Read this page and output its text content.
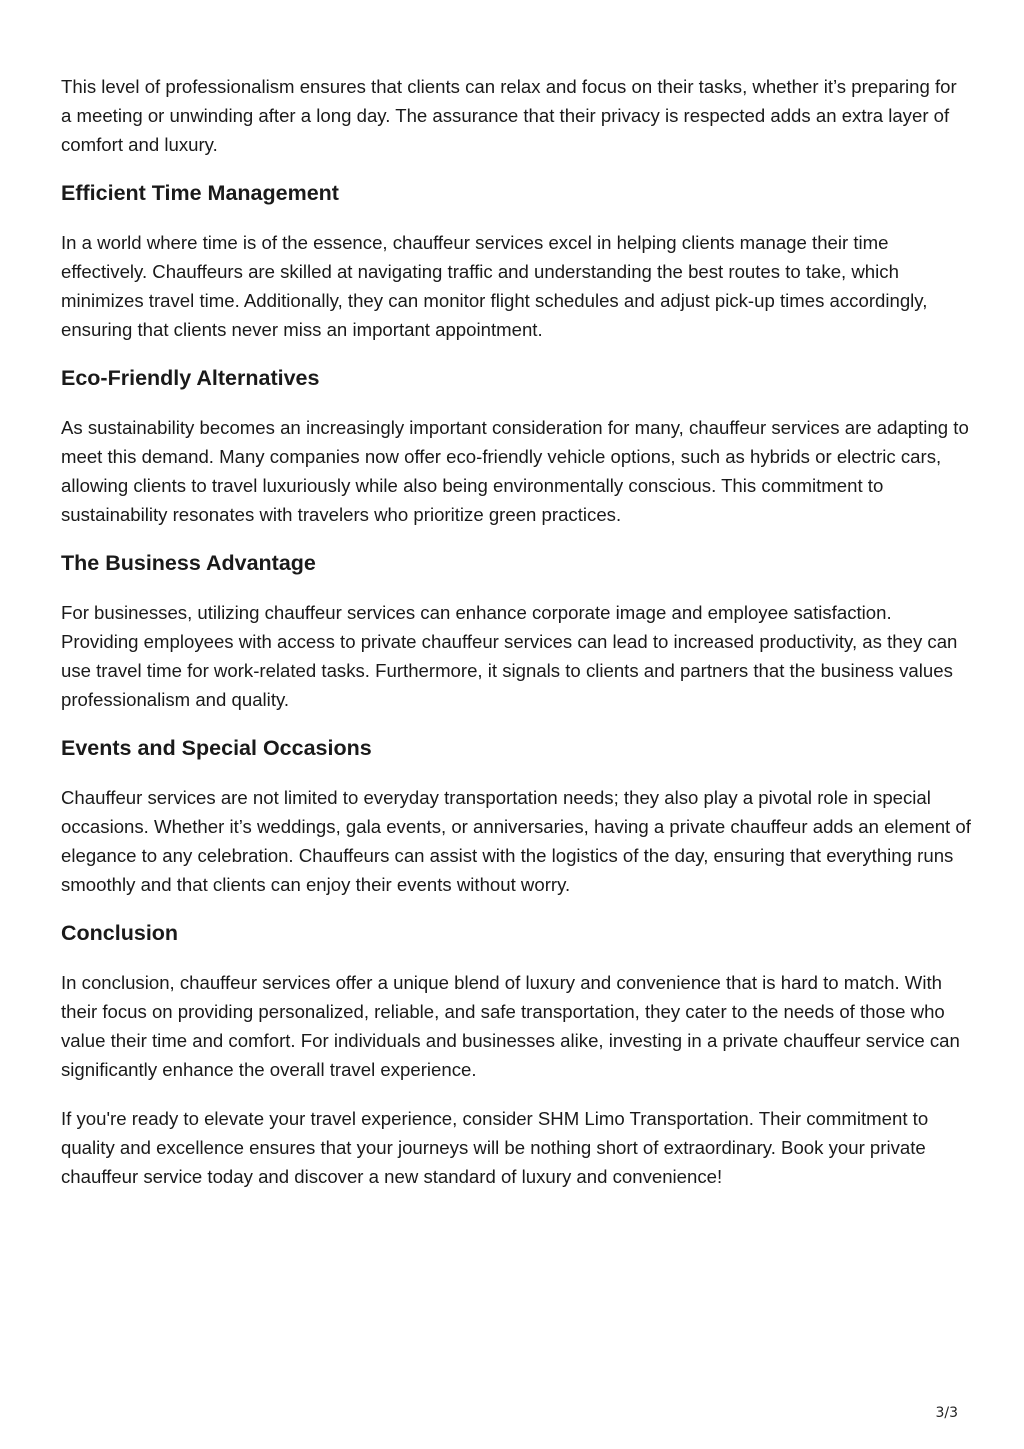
This level of professionalism ensures that clients can relax and focus on their tasks, whether it’s preparing for a meeting or unwinding after a long day. The assurance that their privacy is respected adds an extra layer of comfort and luxury.

Efficient Time Management

In a world where time is of the essence, chauffeur services excel in helping clients manage their time effectively. Chauffeurs are skilled at navigating traffic and understanding the best routes to take, which minimizes travel time. Additionally, they can monitor flight schedules and adjust pick-up times accordingly, ensuring that clients never miss an important appointment.

Eco-Friendly Alternatives

As sustainability becomes an increasingly important consideration for many, chauffeur services are adapting to meet this demand. Many companies now offer eco-friendly vehicle options, such as hybrids or electric cars, allowing clients to travel luxuriously while also being environmentally conscious. This commitment to sustainability resonates with travelers who prioritize green practices.

The Business Advantage

For businesses, utilizing chauffeur services can enhance corporate image and employee satisfaction. Providing employees with access to private chauffeur services can lead to increased productivity, as they can use travel time for work-related tasks. Furthermore, it signals to clients and partners that the business values professionalism and quality.

Events and Special Occasions

Chauffeur services are not limited to everyday transportation needs; they also play a pivotal role in special occasions. Whether it’s weddings, gala events, or anniversaries, having a private chauffeur adds an element of elegance to any celebration. Chauffeurs can assist with the logistics of the day, ensuring that everything runs smoothly and that clients can enjoy their events without worry.

Conclusion

In conclusion, chauffeur services offer a unique blend of luxury and convenience that is hard to match. With their focus on providing personalized, reliable, and safe transportation, they cater to the needs of those who value their time and comfort. For individuals and businesses alike, investing in a private chauffeur service can significantly enhance the overall travel experience.

If you're ready to elevate your travel experience, consider SHM Limo Transportation. Their commitment to quality and excellence ensures that your journeys will be nothing short of extraordinary. Book your private chauffeur service today and discover a new standard of luxury and convenience!

3/3
